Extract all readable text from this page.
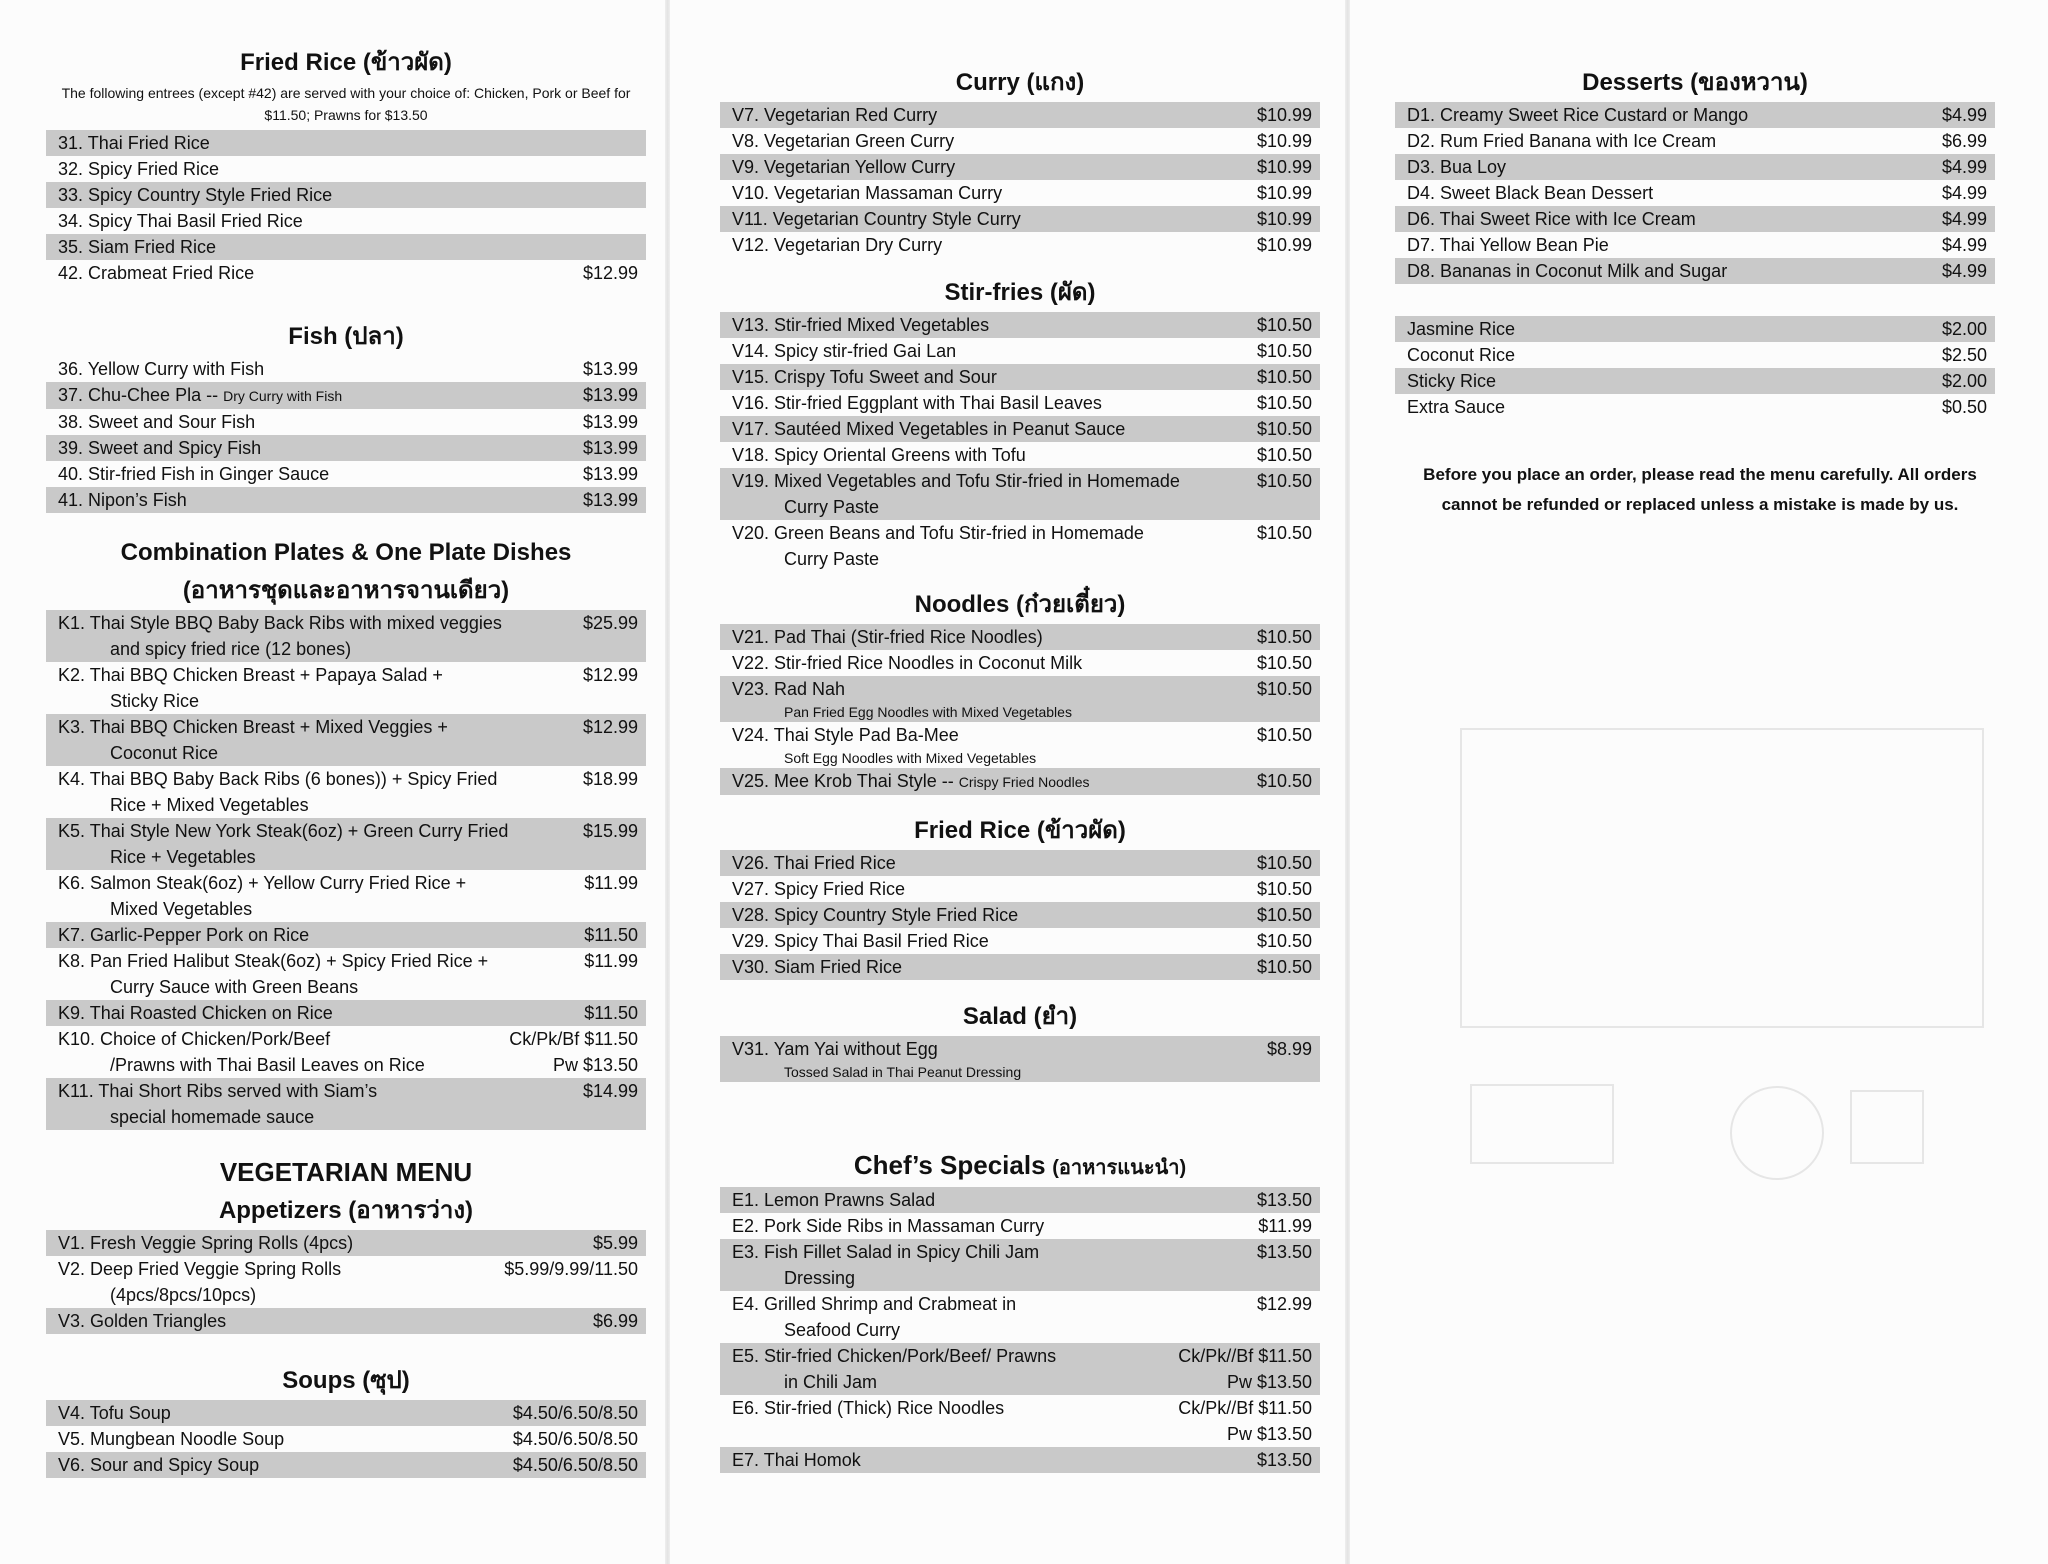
Fried Rice (ข้าวผัด)
The following entrees (except #42) are served with your choice of: Chicken, Pork or Beef for $11.50; Prawns for $13.50
31. Thai Fried Rice
32. Spicy Fried Rice
33. Spicy Country Style Fried Rice
34. Spicy Thai Basil Fried Rice
35. Siam Fried Rice
42. Crabmeat Fried Rice	$12.99
Fish (ปลา)
36. Yellow Curry with Fish	$13.99
37. Chu-Chee Pla -- Dry Curry with Fish	$13.99
38. Sweet and Sour Fish	$13.99
39. Sweet and Spicy Fish	$13.99
40. Stir-fried Fish in Ginger Sauce	$13.99
41. Nipon’s Fish	$13.99
Combination Plates & One Plate Dishes
(อาหารชุดและอาหารจานเดียว)
K1. Thai Style BBQ Baby Back Ribs with mixed veggies
and spicy fried rice (12 bones)
$25.99
K2. Thai BBQ Chicken Breast + Papaya Salad +
Sticky Rice
$12.99
K3. Thai BBQ Chicken Breast + Mixed Veggies +
Coconut Rice
$12.99
K4. Thai BBQ Baby Back Ribs (6 bones)) + Spicy Fried
Rice + Mixed Vegetables
$18.99
K5. Thai Style New York Steak(6oz) + Green Curry Fried
Rice + Vegetables
$15.99
K6. Salmon Steak(6oz) + Yellow Curry Fried Rice +
Mixed Vegetables
$11.99
K7. Garlic-Pepper Pork on Rice	$11.50
K8. Pan Fried Halibut Steak(6oz) + Spicy Fried Rice +
Curry Sauce with Green Beans
$11.99
K9. Thai Roasted Chicken on Rice	$11.50
K10. Choice of Chicken/Pork/Beef
/Prawns with Thai Basil Leaves on Rice
Ck/Pk/Bf $11.50
Pw $13.50
K11. Thai Short Ribs served with Siam’s
special homemade sauce
$14.99
VEGETARIAN MENU
Appetizers (อาหารว่าง)
V1. Fresh Veggie Spring Rolls (4pcs)	$5.99
V2. Deep Fried Veggie Spring Rolls
(4pcs/8pcs/10pcs)
$5.99/9.99/11.50
V3. Golden Triangles	$6.99
Soups (ซุป)
V4. Tofu Soup	$4.50/6.50/8.50
V5. Mungbean Noodle Soup	$4.50/6.50/8.50
V6. Sour and Spicy Soup	$4.50/6.50/8.50
Curry (แกง)
V7. Vegetarian Red Curry	$10.99
V8. Vegetarian Green Curry	$10.99
V9. Vegetarian Yellow Curry	$10.99
V10. Vegetarian Massaman Curry	$10.99
V11. Vegetarian Country Style Curry	$10.99
V12. Vegetarian Dry Curry	$10.99
Stir-fries (ผัด)
V13. Stir-fried Mixed Vegetables	$10.50
V14. Spicy stir-fried Gai Lan	$10.50
V15. Crispy Tofu Sweet and Sour	$10.50
V16. Stir-fried Eggplant with Thai Basil Leaves	$10.50
V17. Sautéed Mixed Vegetables in Peanut Sauce	$10.50
V18. Spicy Oriental Greens with Tofu	$10.50
V19. Mixed Vegetables and Tofu Stir-fried in Homemade
Curry Paste
$10.50
V20. Green Beans and Tofu Stir-fried in Homemade
Curry Paste
$10.50
Noodles (ก๋วยเตี๋ยว)
V21. Pad Thai (Stir-fried Rice Noodles)	$10.50
V22. Stir-fried Rice Noodles in Coconut Milk	$10.50
V23. Rad Nah
Pan Fried Egg Noodles with Mixed Vegetables
$10.50
V24. Thai Style Pad Ba-Mee
Soft Egg Noodles with Mixed Vegetables
$10.50
V25. Mee Krob Thai Style -- Crispy Fried Noodles	$10.50
Fried Rice (ข้าวผัด)
V26. Thai Fried Rice	$10.50
V27. Spicy Fried Rice	$10.50
V28. Spicy Country Style Fried Rice	$10.50
V29. Spicy Thai Basil Fried Rice	$10.50
V30. Siam Fried Rice	$10.50
Salad (ยำ)
V31. Yam Yai without Egg
Tossed Salad in Thai Peanut Dressing
$8.99
Chef’s Specials (อาหารแนะนำ)
E1. Lemon Prawns Salad	$13.50
E2. Pork Side Ribs in Massaman Curry	$11.99
E3. Fish Fillet Salad in Spicy Chili Jam
Dressing
$13.50
E4. Grilled Shrimp and Crabmeat in
Seafood Curry
$12.99
E5. Stir-fried Chicken/Pork/Beef/ Prawns
in Chili Jam
Ck/Pk//Bf $11.50
Pw $13.50
E6. Stir-fried (Thick) Rice Noodles	Ck/Pk//Bf $11.50
Pw $13.50
E7. Thai Homok	$13.50

Desserts (ของหวาน)
D1. Creamy Sweet Rice Custard or Mango	$4.99
D2. Rum Fried Banana with Ice Cream	$6.99
D3. Bua Loy	$4.99
D4. Sweet Black Bean Dessert	$4.99
D6. Thai Sweet Rice with Ice Cream	$4.99
D7. Thai Yellow Bean Pie	$4.99
D8. Bananas in Coconut Milk and Sugar	$4.99
Jasmine Rice	$2.00
Coconut Rice	$2.50
Sticky Rice	$2.00
Extra Sauce	$0.50
Before you place an order, please read the menu carefully. All orders cannot be refunded or replaced unless a mistake is made by us.
